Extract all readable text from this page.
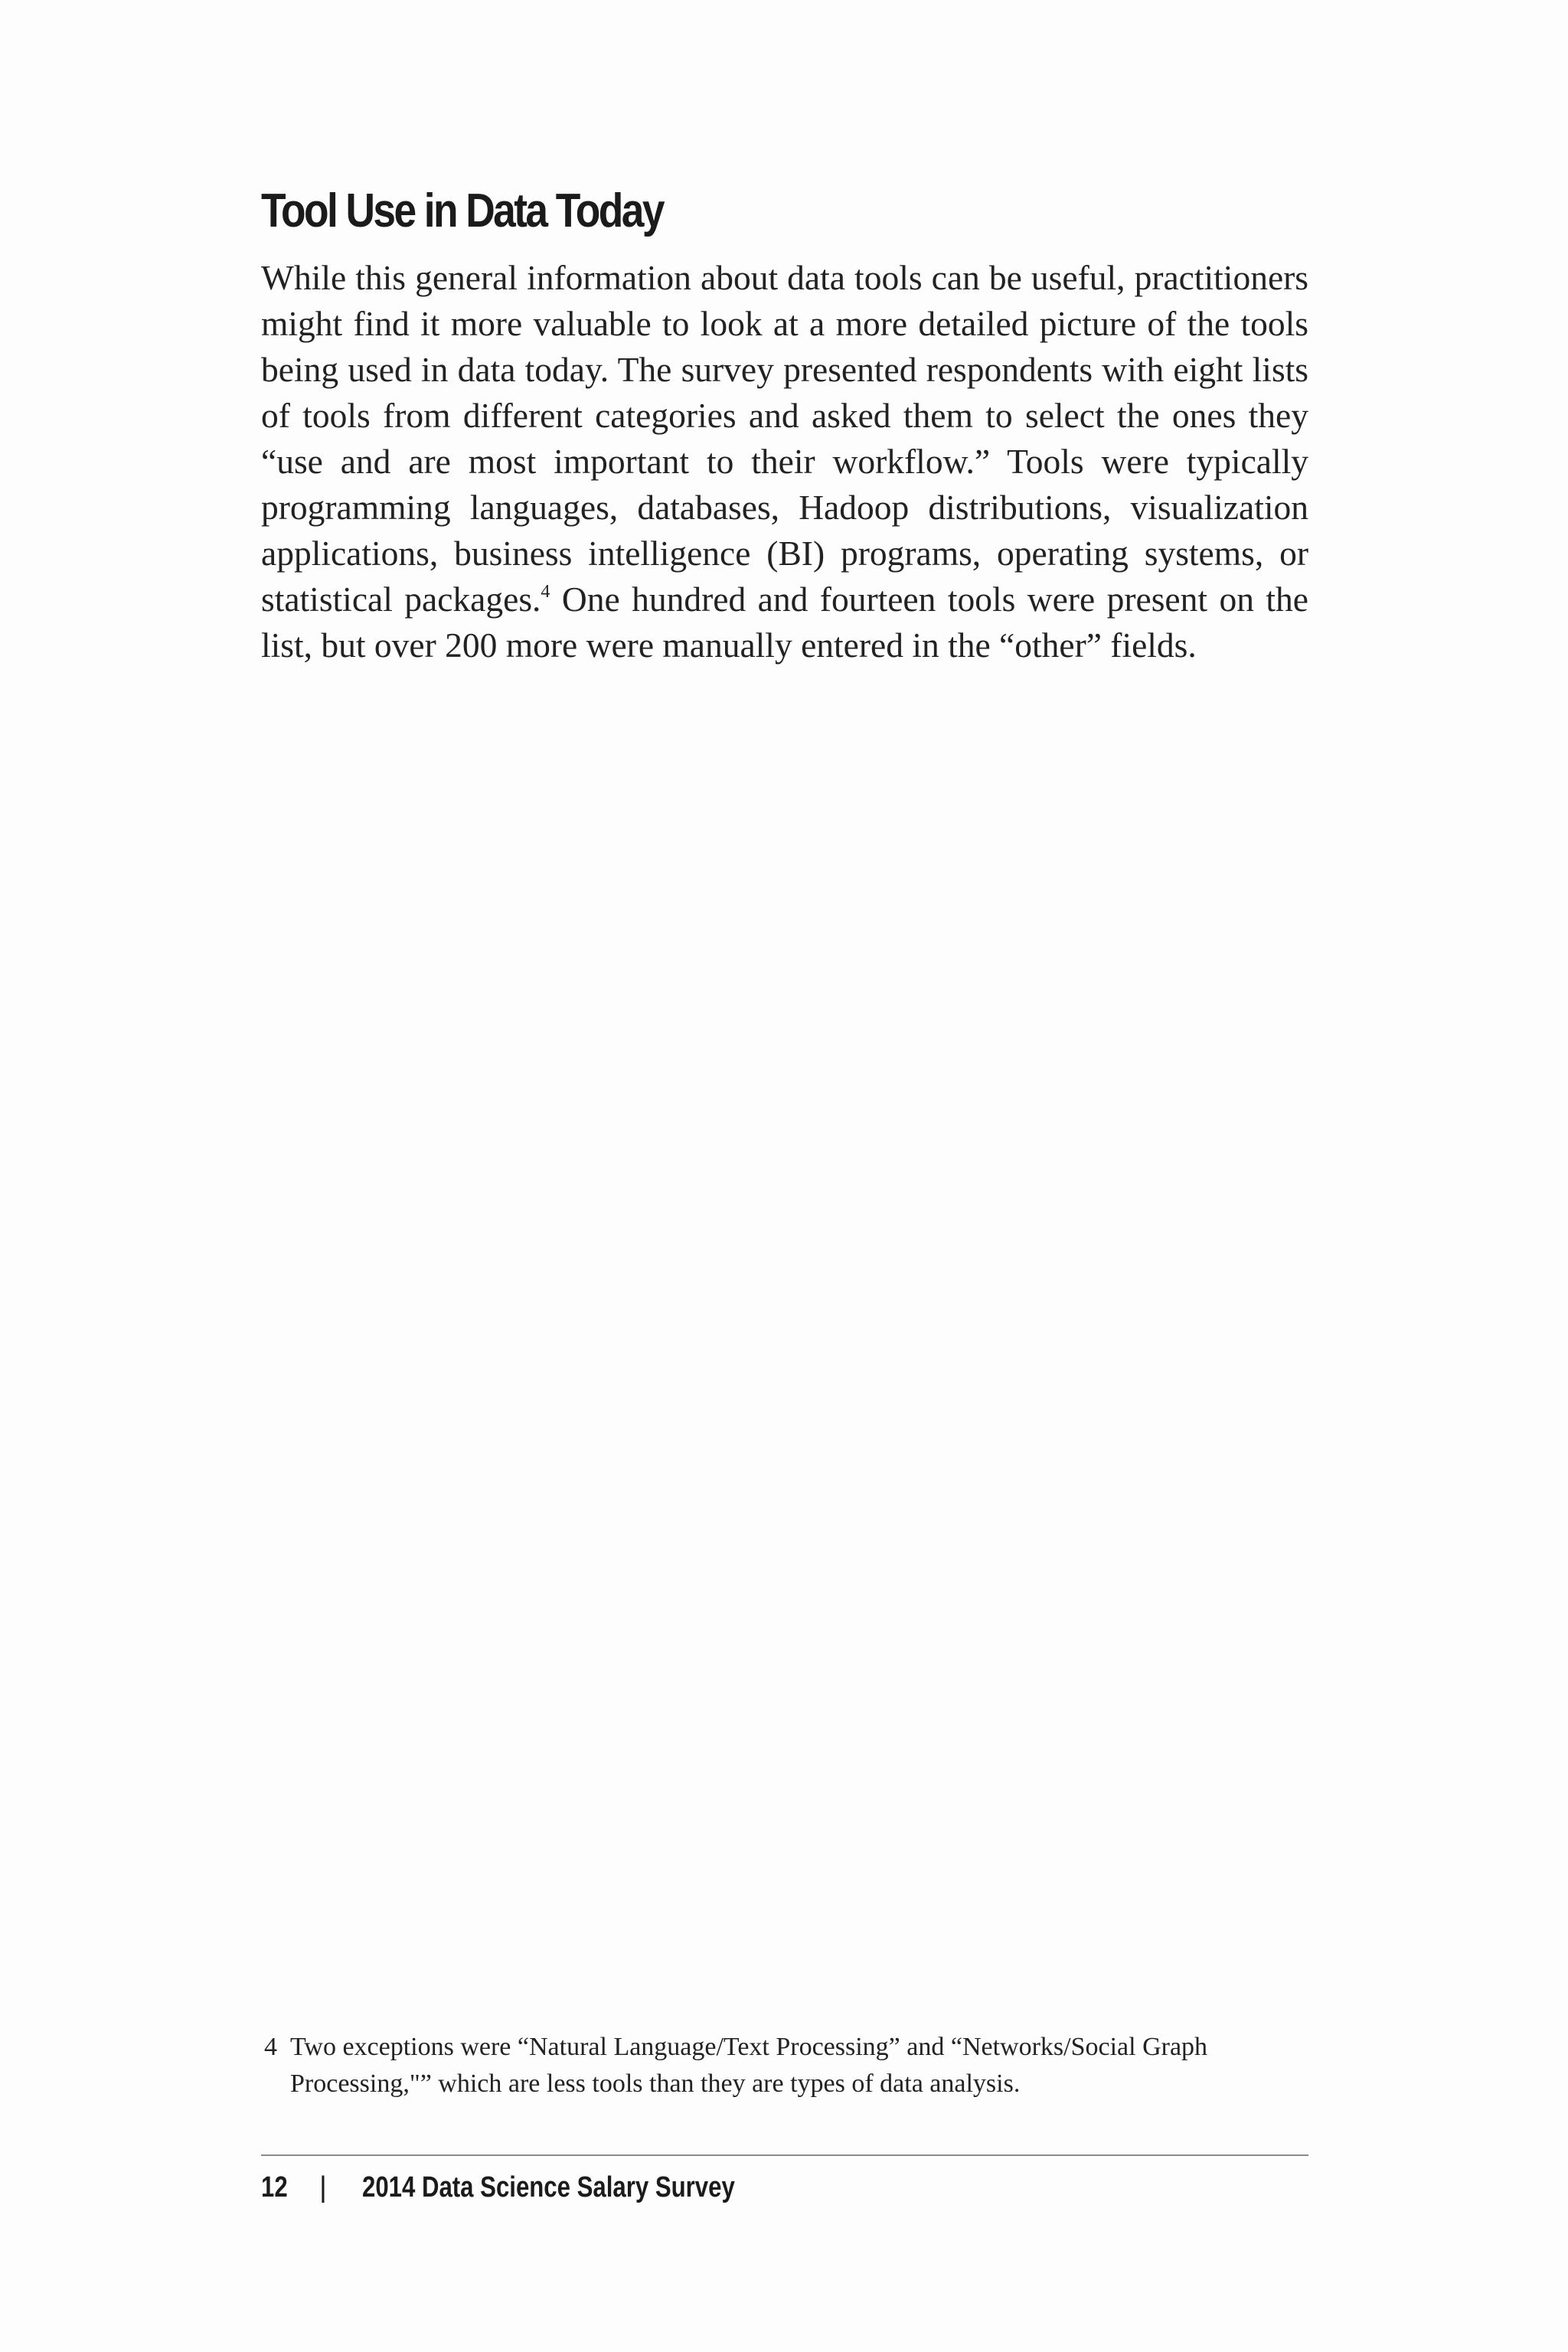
Tool Use in Data Today

While this general information about data tools can be useful, practitioners might find it more valuable to look at a more detailed picture of the tools being used in data today. The survey presented respondents with eight lists of tools from different categories and asked them to select the ones they “use and are most important to their workflow.” Tools were typically programming languages, databases, Hadoop distributions, visualization applications, business intelligence (BI) programs, operating systems, or statistical packages.$^4$ One hundred and fourteen tools were present on the list, but over 200 more were manually entered in the “other” fields.

4 Two exceptions were “Natural Language/Text Processing” and “Networks/Social Graph Processing,"” which are less tools than they are types of data analysis.
12	|	2014 Data Science Salary Survey
